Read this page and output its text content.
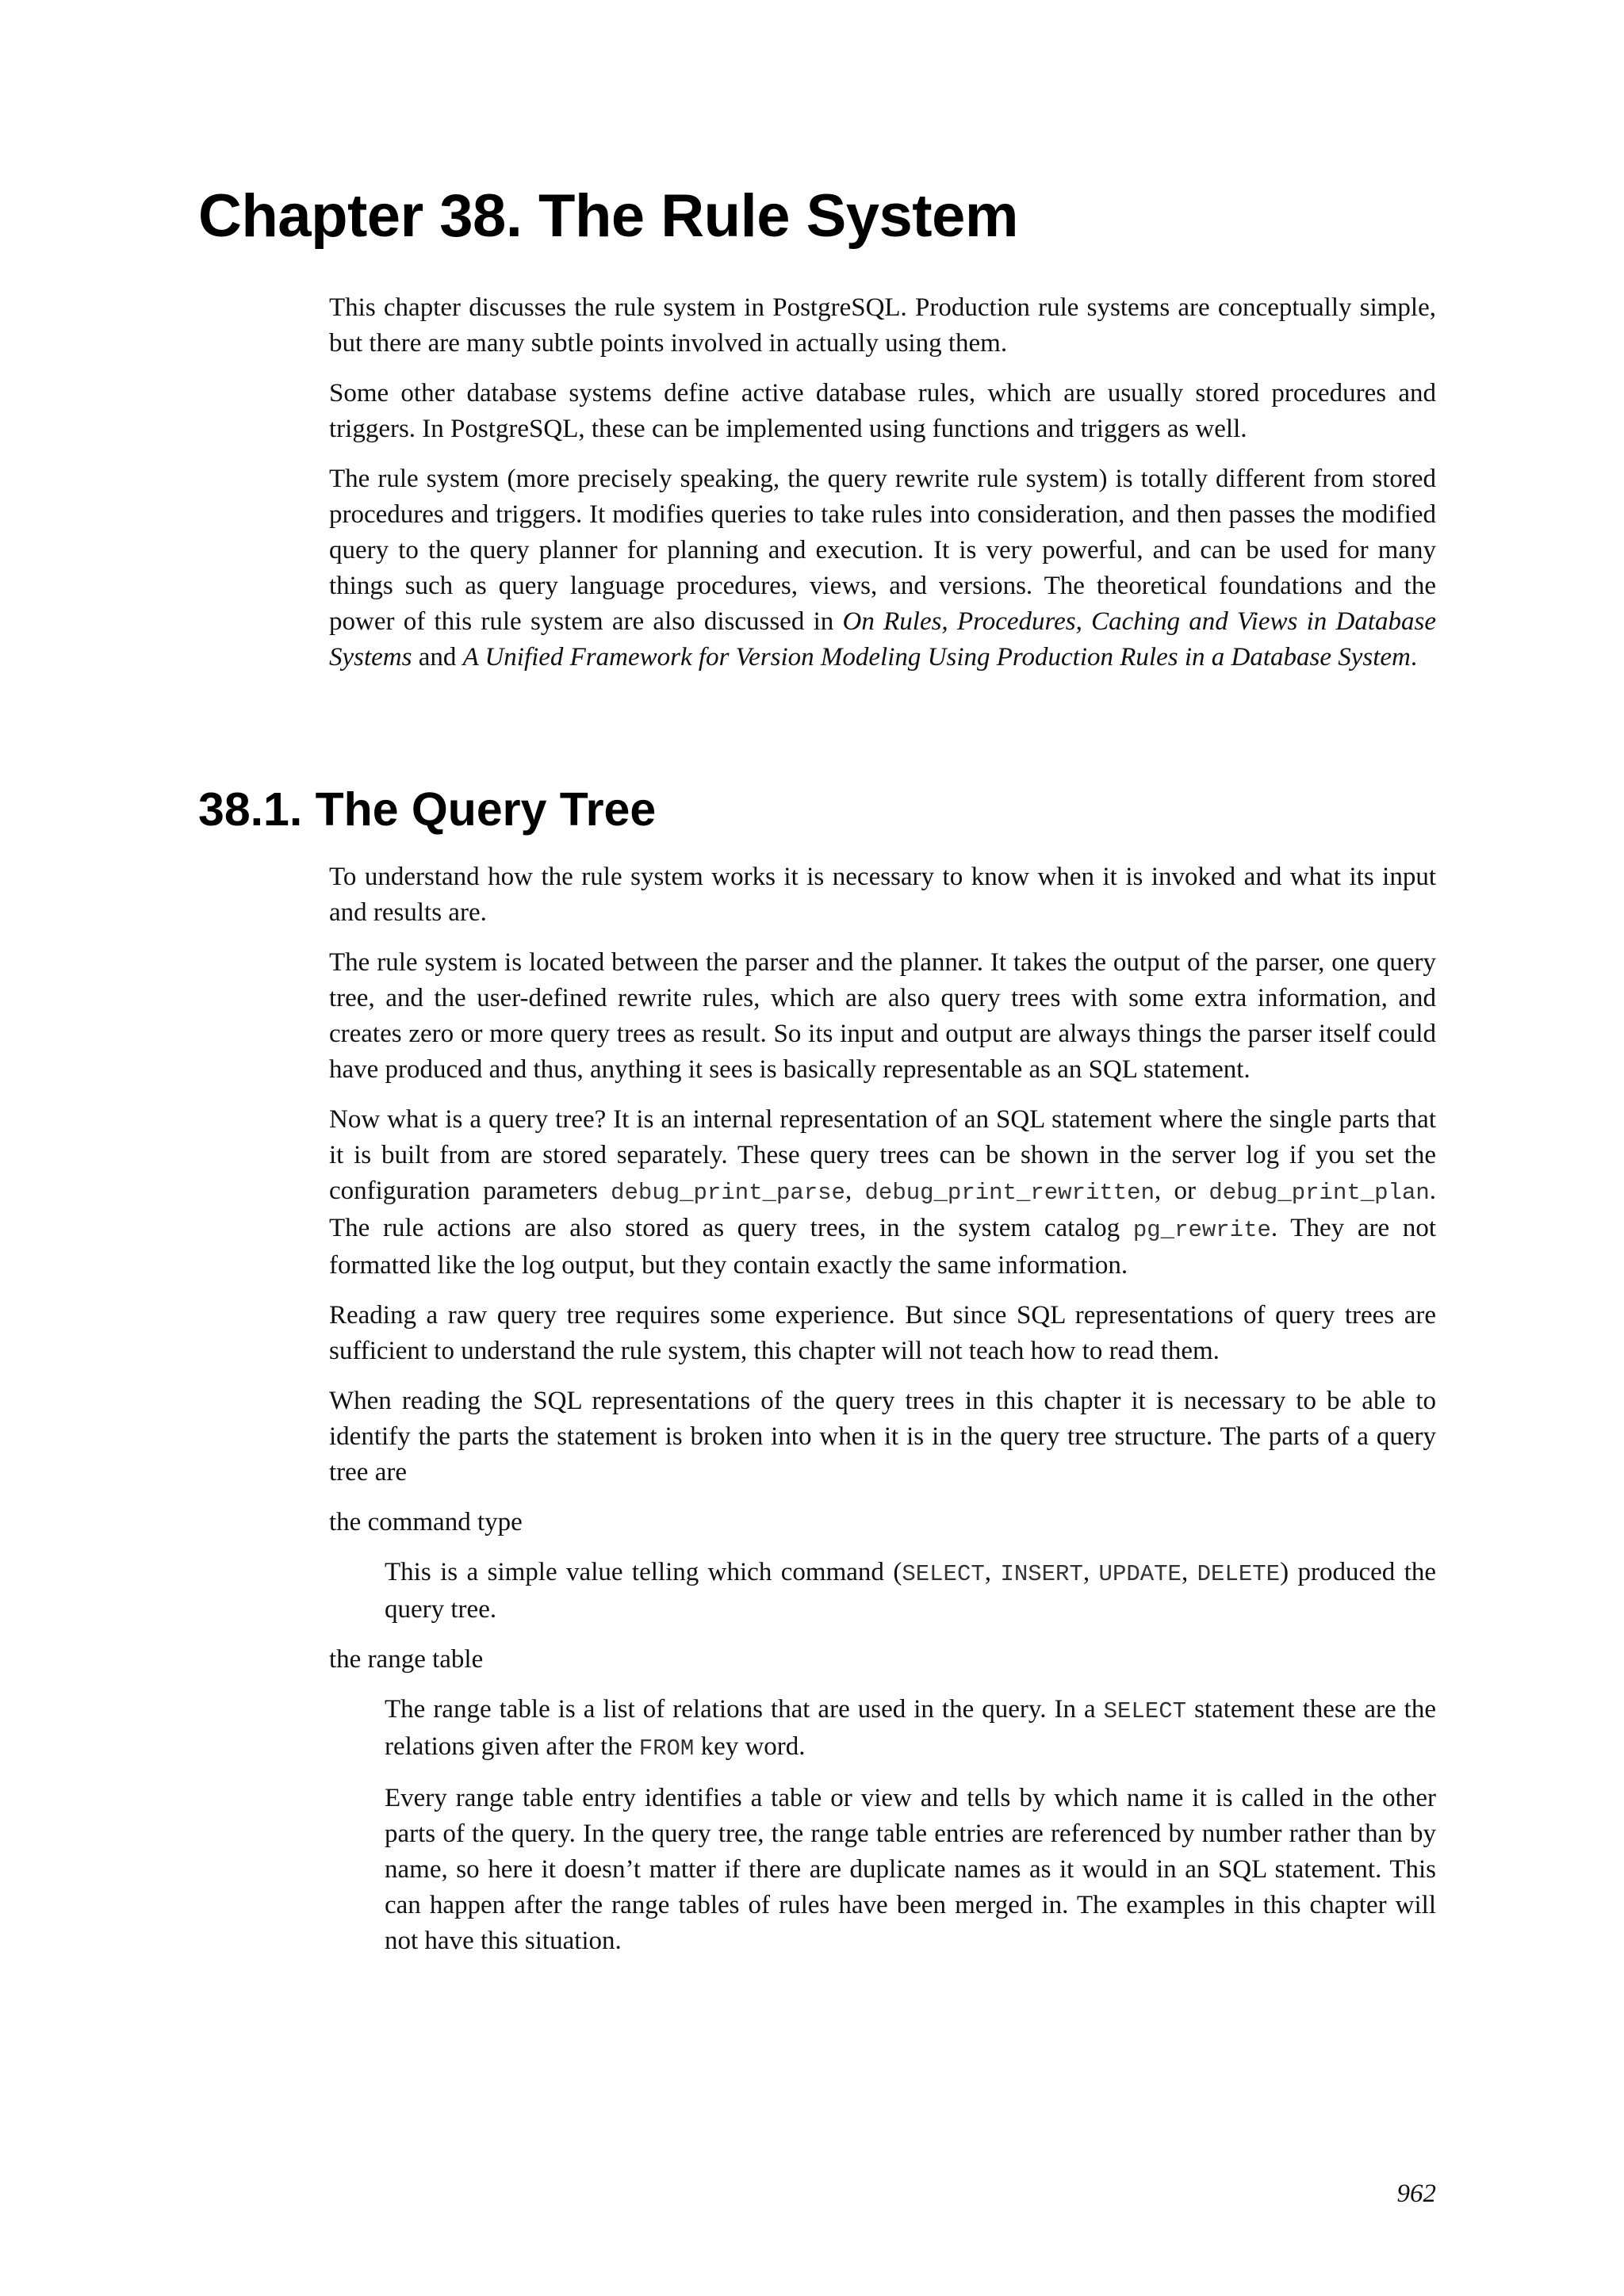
Chapter 38. The Rule System

This chapter discusses the rule system in PostgreSQL. Production rule systems are conceptually simple, but there are many subtle points involved in actually using them.

Some other database systems define active database rules, which are usually stored procedures and triggers. In PostgreSQL, these can be implemented using functions and triggers as well.

The rule system (more precisely speaking, the query rewrite rule system) is totally different from stored procedures and triggers. It modifies queries to take rules into consideration, and then passes the modified query to the query planner for planning and execution. It is very powerful, and can be used for many things such as query language procedures, views, and versions. The theoretical foundations and the power of this rule system are also discussed in On Rules, Procedures, Caching and Views in Database Systems and A Unified Framework for Version Modeling Using Production Rules in a Database System.

38.1. The Query Tree

To understand how the rule system works it is necessary to know when it is invoked and what its input and results are.

The rule system is located between the parser and the planner. It takes the output of the parser, one query tree, and the user-defined rewrite rules, which are also query trees with some extra information, and creates zero or more query trees as result. So its input and output are always things the parser itself could have produced and thus, anything it sees is basically representable as an SQL statement.

Now what is a query tree? It is an internal representation of an SQL statement where the single parts that it is built from are stored separately. These query trees can be shown in the server log if you set the configuration parameters debug_print_parse, debug_print_rewritten, or debug_print_plan. The rule actions are also stored as query trees, in the system catalog pg_rewrite. They are not formatted like the log output, but they contain exactly the same information.

Reading a raw query tree requires some experience. But since SQL representations of query trees are sufficient to understand the rule system, this chapter will not teach how to read them.

When reading the SQL representations of the query trees in this chapter it is necessary to be able to identify the parts the statement is broken into when it is in the query tree structure. The parts of a query tree are

the command type

This is a simple value telling which command (SELECT, INSERT, UPDATE, DELETE) produced the query tree.

the range table

The range table is a list of relations that are used in the query. In a SELECT statement these are the relations given after the FROM key word.

Every range table entry identifies a table or view and tells by which name it is called in the other parts of the query. In the query tree, the range table entries are referenced by number rather than by name, so here it doesn’t matter if there are duplicate names as it would in an SQL statement. This can happen after the range tables of rules have been merged in. The examples in this chapter will not have this situation.

962
